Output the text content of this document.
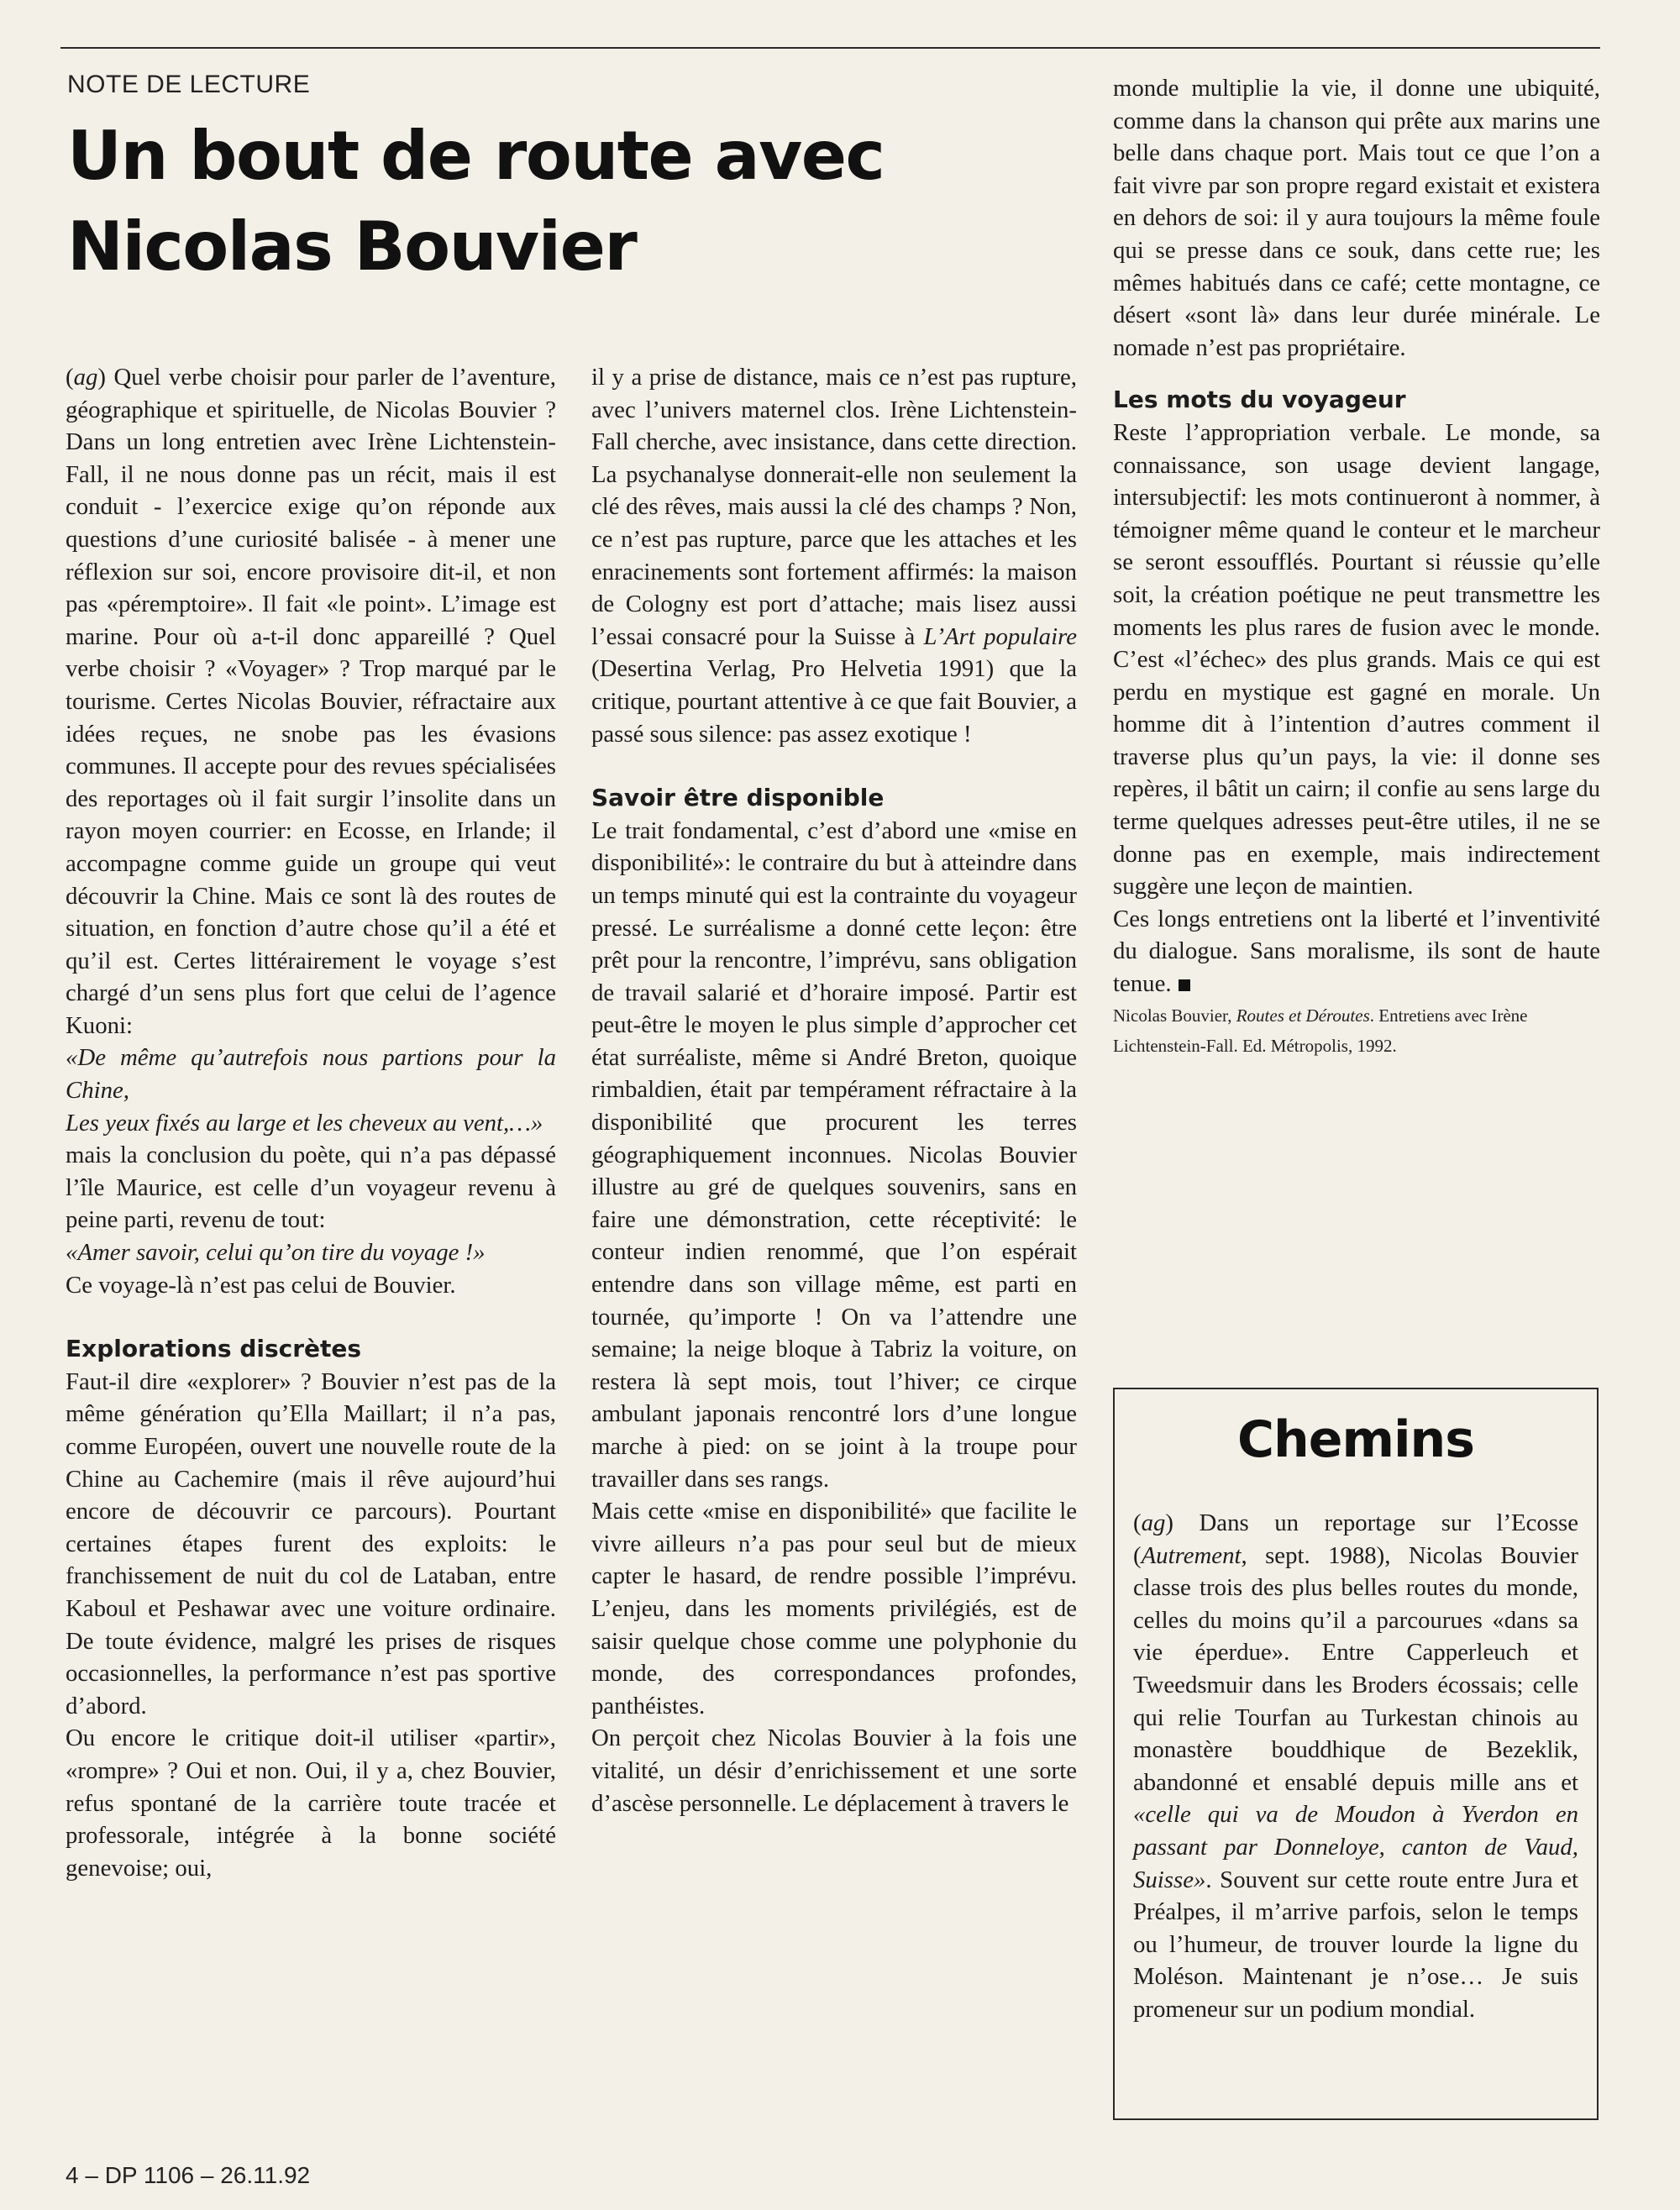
NOTE DE LECTURE
Un bout de route avec Nicolas Bouvier

(ag) Quel verbe choisir pour parler de l’aventure, géographique et spirituelle, de Nicolas Bouvier ? Dans un long entretien avec Irène Lichtenstein-Fall, il ne nous donne pas un récit, mais il est conduit - l’exercice exige qu’on réponde aux questions d’une curiosité balisée - à mener une réflexion sur soi, encore provisoire dit-il, et non pas «péremptoire». Il fait «le point». L’image est marine. Pour où a-t-il donc appareillé ? Quel verbe choisir ? «Voyager» ? Trop marqué par le tourisme. Certes Nicolas Bouvier, réfractaire aux idées reçues, ne snobe pas les évasions communes. Il accepte pour des revues spécialisées des reportages où il fait surgir l’insolite dans un rayon moyen courrier: en Ecosse, en Irlande; il accompagne comme guide un groupe qui veut découvrir la Chine. Mais ce sont là des routes de situation, en fonction d’autre chose qu’il a été et qu’il est. Certes littérairement le voyage s’est chargé d’un sens plus fort que celui de l’agence Kuoni:

«De même qu’autrefois nous partions pour la Chine,

Les yeux fixés au large et les cheveux au vent,…»

mais la conclusion du poète, qui n’a pas dépassé l’île Maurice, est celle d’un voyageur revenu à peine parti, revenu de tout:

«Amer savoir, celui qu’on tire du voyage !»

Ce voyage-là n’est pas celui de Bouvier.

Explorations discrètes

Faut-il dire «explorer» ? Bouvier n’est pas de la même génération qu’Ella Maillart; il n’a pas, comme Européen, ouvert une nouvelle route de la Chine au Cachemire (mais il rêve aujourd’hui encore de découvrir ce parcours). Pourtant certaines étapes furent des exploits: le franchissement de nuit du col de Lataban, entre Kaboul et Peshawar avec une voiture ordinaire. De toute évidence, malgré les prises de risques occasionnelles, la performance n’est pas sportive d’abord.

Ou encore le critique doit-il utiliser «partir», «rompre» ? Oui et non. Oui, il y a, chez Bouvier, refus spontané de la carrière toute tracée et professorale, intégrée à la bonne société genevoise; oui,

il y a prise de distance, mais ce n’est pas rupture, avec l’univers maternel clos. Irène Lichtenstein-Fall cherche, avec insistance, dans cette direction. La psychanalyse donnerait-elle non seulement la clé des rêves, mais aussi la clé des champs ? Non, ce n’est pas rupture, parce que les attaches et les enracinements sont fortement affirmés: la maison de Cologny est port d’attache; mais lisez aussi l’essai consacré pour la Suisse à L’Art populaire (Desertina Verlag, Pro Helvetia 1991) que la critique, pourtant attentive à ce que fait Bouvier, a passé sous silence: pas assez exotique !

Savoir être disponible

Le trait fondamental, c’est d’abord une «mise en disponibilité»: le contraire du but à atteindre dans un temps minuté qui est la contrainte du voyageur pressé. Le surréalisme a donné cette leçon: être prêt pour la rencontre, l’imprévu, sans obligation de travail salarié et d’horaire imposé. Partir est peut-être le moyen le plus simple d’approcher cet état surréaliste, même si André Breton, quoique rimbaldien, était par tempérament réfractaire à la disponibilité que procurent les terres géographiquement inconnues. Nicolas Bouvier illustre au gré de quelques souvenirs, sans en faire une démonstration, cette réceptivité: le conteur indien renommé, que l’on espérait entendre dans son village même, est parti en tournée, qu’importe ! On va l’attendre une semaine; la neige bloque à Tabriz la voiture, on restera là sept mois, tout l’hiver; ce cirque ambulant japonais rencontré lors d’une longue marche à pied: on se joint à la troupe pour travailler dans ses rangs.

Mais cette «mise en disponibilité» que facilite le vivre ailleurs n’a pas pour seul but de mieux capter le hasard, de rendre possible l’imprévu. L’enjeu, dans les moments privilégiés, est de saisir quelque chose comme une polyphonie du monde, des correspondances profondes, panthéistes.

On perçoit chez Nicolas Bouvier à la fois une vitalité, un désir d’enrichissement et une sorte d’ascèse personnelle. Le déplacement à travers le

monde multiplie la vie, il donne une ubiquité, comme dans la chanson qui prête aux marins une belle dans chaque port. Mais tout ce que l’on a fait vivre par son propre regard existait et existera en dehors de soi: il y aura toujours la même foule qui se presse dans ce souk, dans cette rue; les mêmes habitués dans ce café; cette montagne, ce désert «sont là» dans leur durée minérale. Le nomade n’est pas propriétaire.

Les mots du voyageur

Reste l’appropriation verbale. Le monde, sa connaissance, son usage devient langage, intersubjectif: les mots continueront à nommer, à témoigner même quand le conteur et le marcheur se seront essoufflés. Pourtant si réussie qu’elle soit, la création poétique ne peut transmettre les moments les plus rares de fusion avec le monde. C’est «l’échec» des plus grands. Mais ce qui est perdu en mystique est gagné en morale. Un homme dit à l’intention d’autres comment il traverse plus qu’un pays, la vie: il donne ses repères, il bâtit un cairn; il confie au sens large du terme quelques adresses peut-être utiles, il ne se donne pas en exemple, mais indirectement suggère une leçon de maintien.

Ces longs entretiens ont la liberté et l’inventivité du dialogue. Sans moralisme, ils sont de haute tenue.

Nicolas Bouvier, Routes et Déroutes. Entretiens avec Irène Lichtenstein-Fall. Ed. Métropolis, 1992.

Chemins

(ag) Dans un reportage sur l’Ecosse (Autrement, sept. 1988), Nicolas Bouvier classe trois des plus belles routes du monde, celles du moins qu’il a parcourues «dans sa vie éperdue». Entre Capperleuch et Tweedsmuir dans les Broders écossais; celle qui relie Tourfan au Turkestan chinois au monastère bouddhique de Bezeklik, abandonné et ensablé depuis mille ans et «celle qui va de Moudon à Yverdon en passant par Donneloye, canton de Vaud, Suisse». Souvent sur cette route entre Jura et Préalpes, il m’arrive parfois, selon le temps ou l’humeur, de trouver lourde la ligne du Moléson. Maintenant je n’ose… Je suis promeneur sur un podium mondial.

4 – DP 1106 – 26.11.92
